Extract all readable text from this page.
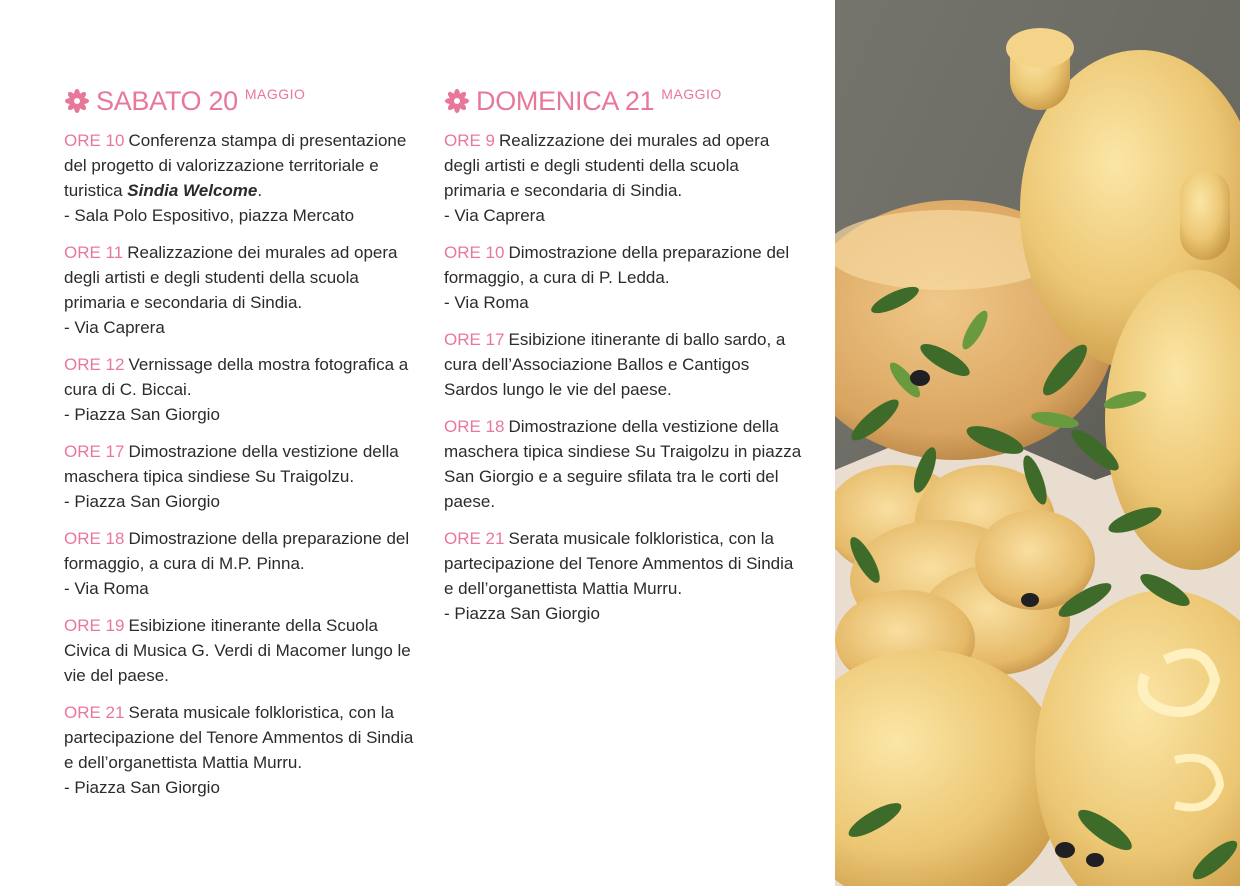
SABATO 20 MAGGIO
ORE 10 Conferenza stampa di presentazione del progetto di valorizzazione territoriale e turistica Sindia Welcome.
- Sala Polo Espositivo, piazza Mercato
ORE 11 Realizzazione dei murales ad opera degli artisti e degli studenti della scuola primaria e secondaria di Sindia.
- Via Caprera
ORE 12 Vernissage della mostra fotografica a cura di C. Biccai.
- Piazza San Giorgio
ORE 17 Dimostrazione della vestizione della maschera tipica sindiese Su Traigolzu.
- Piazza San Giorgio
ORE 18 Dimostrazione della preparazione del formaggio, a cura di M.P. Pinna.
- Via Roma
ORE 19 Esibizione itinerante della Scuola Civica di Musica G. Verdi di Macomer lungo le vie del paese.
ORE 21 Serata musicale folkloristica, con la partecipazione del Tenore Ammentos di Sindia e dell’organettista Mattia Murru.
- Piazza San Giorgio
DOMENICA 21 MAGGIO
ORE 9 Realizzazione dei murales ad opera degli artisti e degli studenti della scuola primaria e secondaria di Sindia.
- Via Caprera
ORE 10 Dimostrazione della preparazione del formaggio, a cura di P. Ledda.
- Via Roma
ORE 17 Esibizione itinerante di ballo sardo, a cura dell’Associazione Ballos e Cantigos Sardos lungo le vie del paese.
ORE 18 Dimostrazione della vestizione della maschera tipica sindiese Su Traigolzu in piazza San Giorgio e a seguire sfilata tra le corti del paese.
ORE 21 Serata musicale folkloristica, con la partecipazione del Tenore Ammentos di Sindia e dell’organettista Mattia Murru.
- Piazza San Giorgio
